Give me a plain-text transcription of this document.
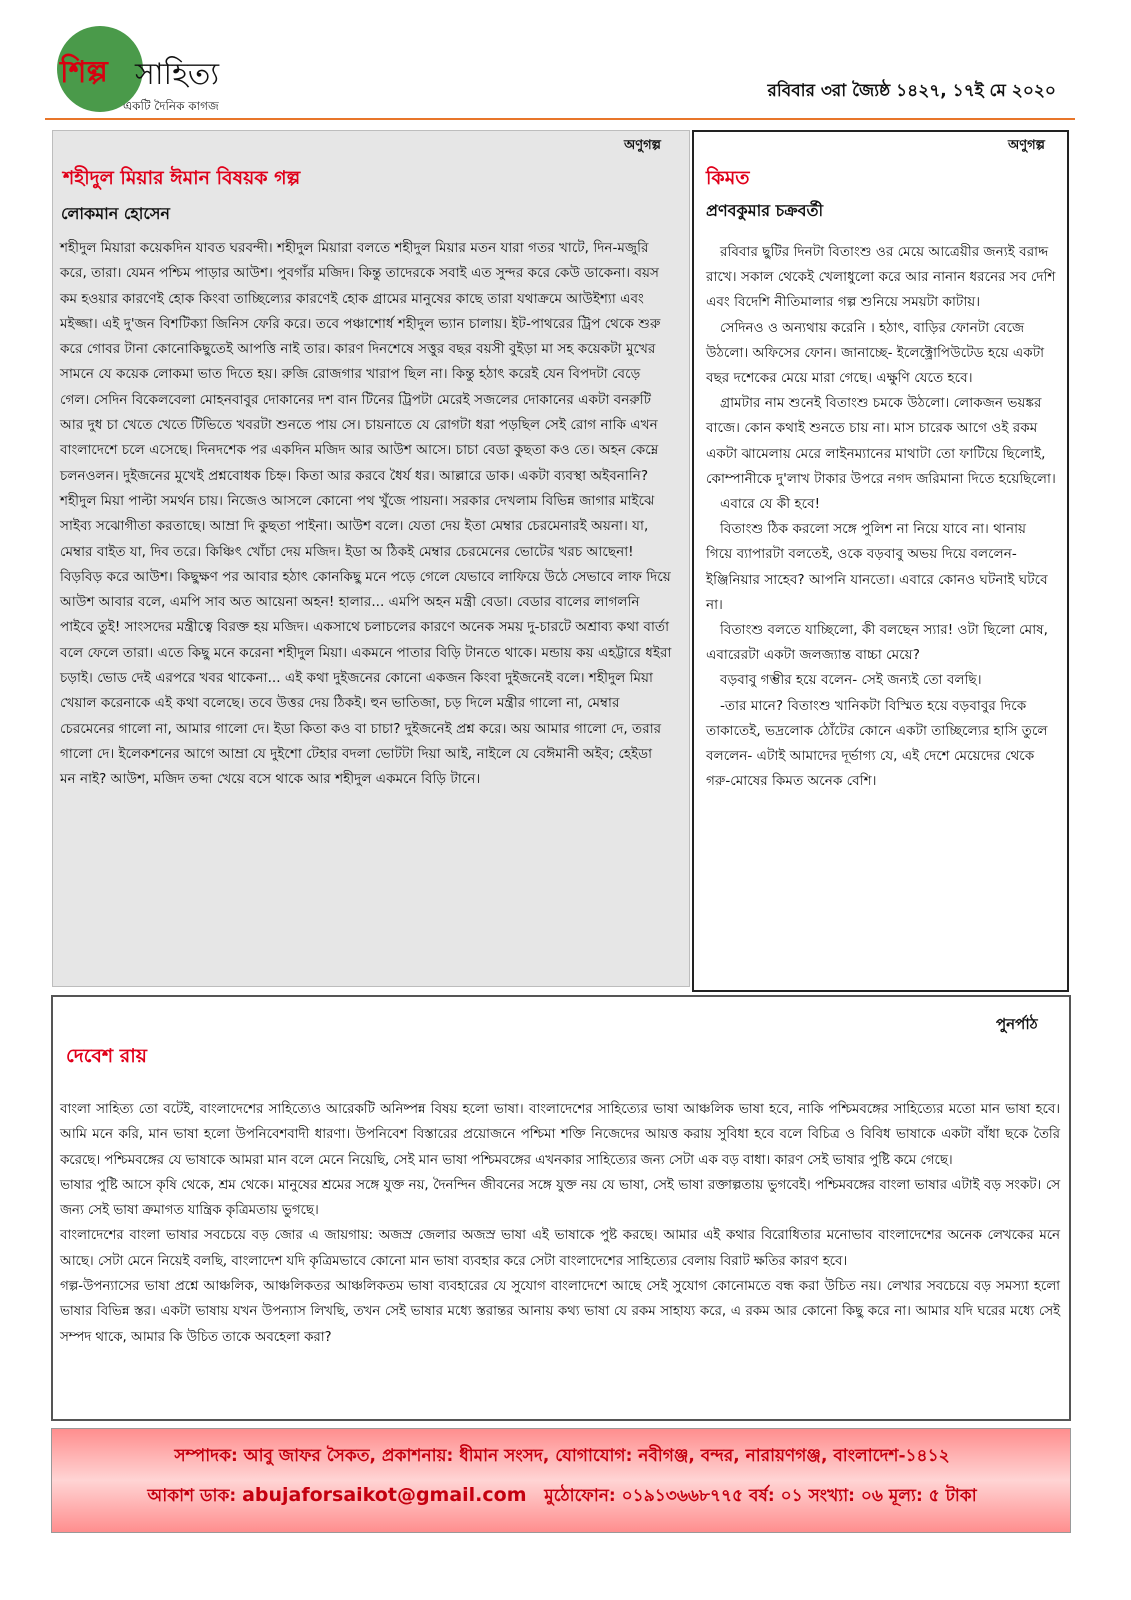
শিল্প সাহিত্য
একটি দৈনিক কাগজ
রবিবার ৩রা জ্যৈষ্ঠ ১৪২৭, ১৭ই মে ২০২০
অণুগল্প
শহীদুল মিয়ার ঈমান বিষয়ক গল্প
লোকমান হোসেন

শহীদুল মিয়ারা কয়েকদিন যাবত ঘরবন্দী। শহীদুল মিয়ারা বলতে শহীদুল মিয়ার মতন যারা গতর খাটে, দিন-মজুরি করে, তারা। যেমন পশ্চিম পাড়ার আউশ। পুবগাঁর মজিদ। কিন্তু তাদেরকে সবাই এত সুন্দর করে কেউ ডাকেনা। বয়স কম হওয়ার কারণেই হোক কিংবা তাচ্ছিল্যের কারণেই হোক গ্রামের মানুষের কাছে তারা যথাক্রমে আউইশ্যা এবং মইজ্জা। এই দু'জন বিশটিক্যা জিনিস ফেরি করে। তবে পঞ্চাশোর্ধ শহীদুল ভ্যান চালায়। ইট-পাথরের ট্রিপ থেকে শুরু করে গোবর টানা কোনোকিছুতেই আপত্তি নাই তার। কারণ দিনশেষে সত্তুর বছর বয়সী বুইড়া মা সহ কয়েকটা মুখের সামনে যে কয়েক লোকমা ভাত দিতে হয়। রুজি রোজগার খারাপ ছিল না। কিন্তু হঠাৎ করেই যেন বিপদটা বেড়ে গেল। সেদিন বিকেলবেলা মোহনবাবুর দোকানের দশ বান টিনের ট্রিপটা মেরেই সজলের দোকানের একটা বনরুটি আর দুধ চা খেতে খেতে টিভিতে খবরটা শুনতে পায় সে। চায়নাতে যে রোগটা ধরা পড়ছিল সেই রোগ নাকি এখন বাংলাদেশে চলে এসেছে। দিনদশেক পর একদিন মজিদ আর আউশ আসে। চাচা বেডা কুছতা কও তে। অহন কেম্নে চলনওলন। দুইজনের মুখেই প্রশ্নবোধক চিহ্ন। কিতা আর করবে ধৈর্য ধর। আল্লারে ডাক। একটা ব্যবস্থা অইবনানি? শহীদুল মিয়া পাল্টা সমর্থন চায়। নিজেও আসলে কোনো পথ খুঁজে পায়না। সরকার দেখলাম বিভিন্ন জাগার মাইঝে সাইব্য সঝোগীতা করতাছে। আম্রা দি কুছতা পাইনা। আউশ বলে। যেতা দেয় ইতা মেম্বার চেরমেনারই অয়না। যা, মেম্বার বাইত যা, দিব তরে। কিঞ্চিৎ খোঁচা দেয় মজিদ। ইডা অ ঠিকই মেম্বার চেরমেনের ভোটের খরচ আছেনা! বিড়বিড় করে আউশ। কিছুক্ষণ পর আবার হঠাৎ কোনকিছু মনে পড়ে গেলে যেভাবে লাফিয়ে উঠে সেভাবে লাফ দিয়ে আউশ আবার বলে, এমপি সাব অত আয়েনা অহন! হালার... এমপি অহন মন্ত্রী বেডা। বেডার বালের লাগলনি পাইবে তুই! সাংসদের মন্ত্রীত্বে বিরক্ত হয় মজিদ। একসাথে চলাচলের কারণে অনেক সময় দু-চারটে অশ্রাব্য কথা বার্তা বলে ফেলে তারা। এতে কিছু মনে করেনা শহীদুল মিয়া। একমনে পাতার বিড়ি টানতে থাকে। মন্ডায় কয় এহট্টারে ধইরা চড়াই। ভোড দেই এরপরে খবর থাকেনা... এই কথা দুইজনের কোনো একজন কিংবা দুইজনেই বলে। শহীদুল মিয়া খেয়াল করেনাকে এই কথা বলেছে। তবে উত্তর দেয় ঠিকই। হুন ভাতিজা, চড় দিলে মন্ত্রীর গালো না, মেম্বার চেরমেনের গালো না, আমার গালো দে। ইডা কিতা কও বা চাচা? দুইজনেই প্রশ্ন করে। অয় আমার গালো দে, তরার গালো দে। ইলেকশনের আগে আম্রা যে দুইশো টেহার বদলা ভোটটা দিয়া আই, নাইলে যে বেঈমানী অইব; হেইডা মন নাই? আউশ, মজিদ তব্দা খেয়ে বসে থাকে আর শহীদুল একমনে বিড়ি টানে।

অণুগল্প
কিমত
প্রণবকুমার চক্রবর্তী

রবিবার ছুটির দিনটা বিতাংশু ওর মেয়ে আত্রেয়ীর জন্যই বরাদ্দ রাখে। সকাল থেকেই খেলাধুলো করে আর নানান ধরনের সব দেশি এবং বিদেশি নীতিমালার গল্প শুনিয়ে সময়টা কাটায়।

সেদিনও ও অন্যথায় করেনি । হঠাৎ, বাড়ির ফোনটা বেজে উঠলো। অফিসের ফোন। জানাচ্ছে- ইলেক্ট্রোপিউটেড হয়ে একটা বছর দশেকের মেয়ে মারা গেছে। এক্ষুণি যেতে হবে।

গ্রামটার নাম শুনেই বিতাংশু চমকে উঠলো। লোকজন ভয়ঙ্কর বাজে। কোন কথাই শুনতে চায় না। মাস চারেক আগে ওই রকম একটা ঝামেলায় মেরে লাইনম্যানের মাথাটা তো ফাটিয়ে ছিলোই, কোম্পানীকে দু'লাখ টাকার উপরে নগদ জরিমানা দিতে হয়েছিলো।

এবারে যে কী হবে!

বিতাংশু ঠিক করলো সঙ্গে পুলিশ না নিয়ে যাবে না। থানায় গিয়ে ব্যাপারটা বলতেই, ওকে বড়বাবু অভয় দিয়ে বললেন- ইঞ্জিনিয়ার সাহেব? আপনি যানতো। এবারে কোনও ঘটনাই ঘটবে না।

বিতাংশু বলতে যাচ্ছিলো, কী বলছেন স্যার! ওটা ছিলো মোষ, এবারেরটা একটা জলজ্যান্ত বাচ্চা মেয়ে?

বড়বাবু গম্ভীর হয়ে বলেন- সেই জন্যই তো বলছি।

-তার মানে? বিতাংশু খানিকটা বিস্মিত হয়ে বড়বাবুর দিকে তাকাতেই, ভদ্রলোক ঠোঁটের কোনে একটা তাচ্ছিল্যের হাসি তুলে বললেন- এটাই আমাদের দূর্ভাগ্য যে, এই দেশে মেয়েদের থেকে গরু-মোষের কিমত অনেক বেশি।

পুনর্পাঠ
দেবেশ রায়

বাংলা সাহিত্য তো বটেই, বাংলাদেশের সাহিত্যেও আরেকটি অনিষ্পন্ন বিষয় হলো ভাষা। বাংলাদেশের সাহিত্যের ভাষা আঞ্চলিক ভাষা হবে, নাকি পশ্চিমবঙ্গের সাহিত্যের মতো মান ভাষা হবে। আমি মনে করি, মান ভাষা হলো উপনিবেশবাদী ধারণা। উপনিবেশ বিস্তারের প্রয়োজনে পশ্চিমা শক্তি নিজেদের আয়ত্ত করায় সুবিধা হবে বলে বিচিত্র ও বিবিধ ভাষাকে একটা বাঁধা ছকে তৈরি করেছে। পশ্চিমবঙ্গের যে ভাষাকে আমরা মান বলে মেনে নিয়েছি, সেই মান ভাষা পশ্চিমবঙ্গের এখনকার সাহিত্যের জন্য সেটা এক বড় বাধা। কারণ সেই ভাষার পুষ্টি কমে গেছে।

ভাষার পুষ্টি আসে কৃষি থেকে, শ্রম থেকে। মানুষের শ্রমের সঙ্গে যুক্ত নয়, দৈনন্দিন জীবনের সঙ্গে যুক্ত নয় যে ভাষা, সেই ভাষা রক্তাল্পতায় ভুগবেই। পশ্চিমবঙ্গের বাংলা ভাষার এটাই বড় সংকট। সে জন্য সেই ভাষা ক্রমাগত যান্ত্রিক কৃত্রিমতায় ভুগছে।

বাংলাদেশের বাংলা ভাষার সবচেয়ে বড় জোর এ জায়গায়: অজস্র জেলার অজস্র ভাষা এই ভাষাকে পুষ্ট করছে। আমার এই কথার বিরোধিতার মনোভাব বাংলাদেশের অনেক লেখকের মনে আছে। সেটা মেনে নিয়েই বলছি, বাংলাদেশ যদি কৃত্রিমভাবে কোনো মান ভাষা ব্যবহার করে সেটা বাংলাদেশের সাহিত্যের বেলায় বিরাট ক্ষতির কারণ হবে।

গল্প-উপন্যাসের ভাষা প্রশ্নে আঞ্চলিক, আঞ্চলিকতর আঞ্চলিকতম ভাষা ব্যবহারের যে সুযোগ বাংলাদেশে আছে সেই সুযোগ কোনোমতে বন্ধ করা উচিত নয়। লেখার সবচেয়ে বড় সমস্যা হলো ভাষার বিভিন্ন স্তর। একটা ভাষায় যখন উপন্যাস লিখছি, তখন সেই ভাষার মধ্যে স্তরান্তর আনায় কথ্য ভাষা যে রকম সাহায্য করে, এ রকম আর কোনো কিছু করে না। আমার যদি ঘরের মধ্যে সেই সম্পদ থাকে, আমার কি উচিত তাকে অবহেলা করা?

সম্পাদক: আবু জাফর সৈকত, প্রকাশনায়: ধীমান সংসদ, যোগাযোগ: নবীগঞ্জ, বন্দর, নারায়ণগঞ্জ, বাংলাদেশ-১৪১২
আকাশ ডাক: abujaforsaikot@gmail.com মুঠোফোন: ০১৯১৩৬৬৮৭৭৫ বর্ষ: ০১ সংখ্যা: ০৬ মূল্য: ৫ টাকা
